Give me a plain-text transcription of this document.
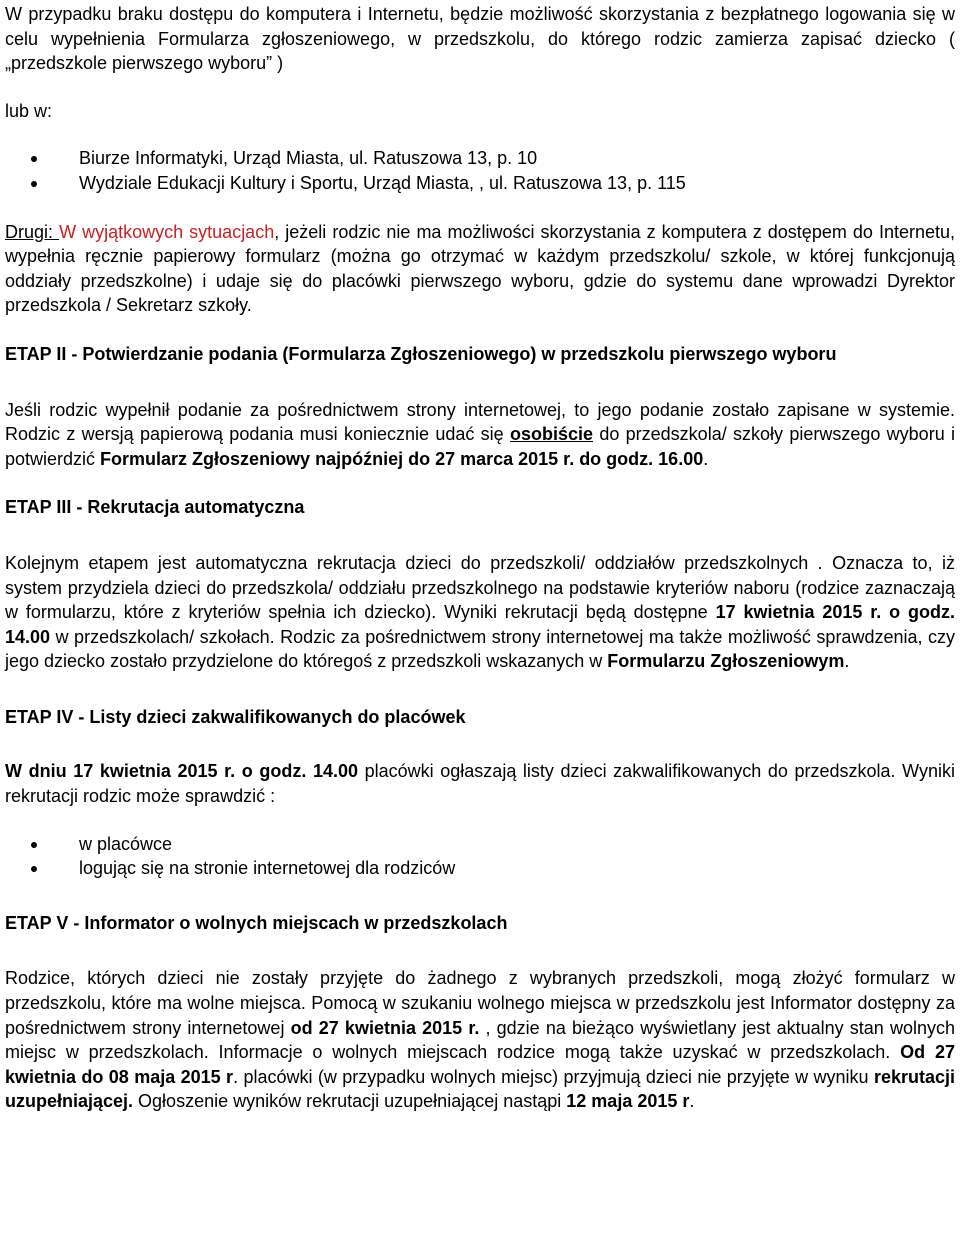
W przypadku braku dostępu do komputera i Internetu, będzie możliwość skorzystania z bezpłatnego logowania się w celu wypełnienia Formularza zgłoszeniowego, w przedszkolu, do którego rodzic zamierza zapisać dziecko ( „przedszkole pierwszego wyboru” )

lub w:

Biurze Informatyki, Urząd Miasta, ul. Ratuszowa 13, p. 10
Wydziale Edukacji Kultury i Sportu, Urząd Miasta, , ul. Ratuszowa 13, p. 115

Drugi: W wyjątkowych sytuacjach, jeżeli rodzic nie ma możliwości skorzystania z komputera z dostępem do Internetu, wypełnia ręcznie papierowy formularz (można go otrzymać w każdym przedszkolu/ szkole, w której funkcjonują oddziały przedszkolne) i udaje się do placówki pierwszego wyboru, gdzie do systemu dane wprowadzi Dyrektor przedszkola / Sekretarz szkoły.

ETAP II - Potwierdzanie podania (Formularza Zgłoszeniowego) w przedszkolu pierwszego wyboru

Jeśli rodzic wypełnił podanie za pośrednictwem strony internetowej, to jego podanie zostało zapisane w systemie. Rodzic z wersją papierową podania musi koniecznie udać się osobiście do przedszkola/ szkoły pierwszego wyboru i potwierdzić Formularz Zgłoszeniowy najpóźniej do 27 marca 2015 r. do godz. 16.00.

ETAP III - Rekrutacja automatyczna

Kolejnym etapem jest automatyczna rekrutacja dzieci do przedszkoli/ oddziałów przedszkolnych . Oznacza to, iż system przydziela dzieci do przedszkola/ oddziału przedszkolnego na podstawie kryteriów naboru (rodzice zaznaczają w formularzu, które z kryteriów spełnia ich dziecko). Wyniki rekrutacji będą dostępne 17 kwietnia 2015 r. o godz. 14.00 w przedszkolach/ szkołach. Rodzic za pośrednictwem strony internetowej ma także możliwość sprawdzenia, czy jego dziecko zostało przydzielone do któregoś z przedszkoli wskazanych w Formularzu Zgłoszeniowym.

ETAP IV - Listy dzieci zakwalifikowanych do placówek

W dniu 17 kwietnia 2015 r. o godz. 14.00 placówki ogłaszają listy dzieci zakwalifikowanych do przedszkola. Wyniki rekrutacji rodzic może sprawdzić :

w placówce
logując się na stronie internetowej dla rodziców

ETAP V - Informator o wolnych miejscach w przedszkolach

Rodzice, których dzieci nie zostały przyjęte do żadnego z wybranych przedszkoli, mogą złożyć formularz w przedszkolu, które ma wolne miejsca. Pomocą w szukaniu wolnego miejsca w przedszkolu jest Informator dostępny za pośrednictwem strony internetowej od 27 kwietnia 2015 r. , gdzie na bieżąco wyświetlany jest aktualny stan wolnych miejsc w przedszkolach. Informacje o wolnych miejscach rodzice mogą także uzyskać w przedszkolach. Od 27 kwietnia do 08 maja 2015 r. placówki (w przypadku wolnych miejsc) przyjmują dzieci nie przyjęte w wyniku rekrutacji uzupełniającej. Ogłoszenie wyników rekrutacji uzupełniającej nastąpi 12 maja 2015 r.
